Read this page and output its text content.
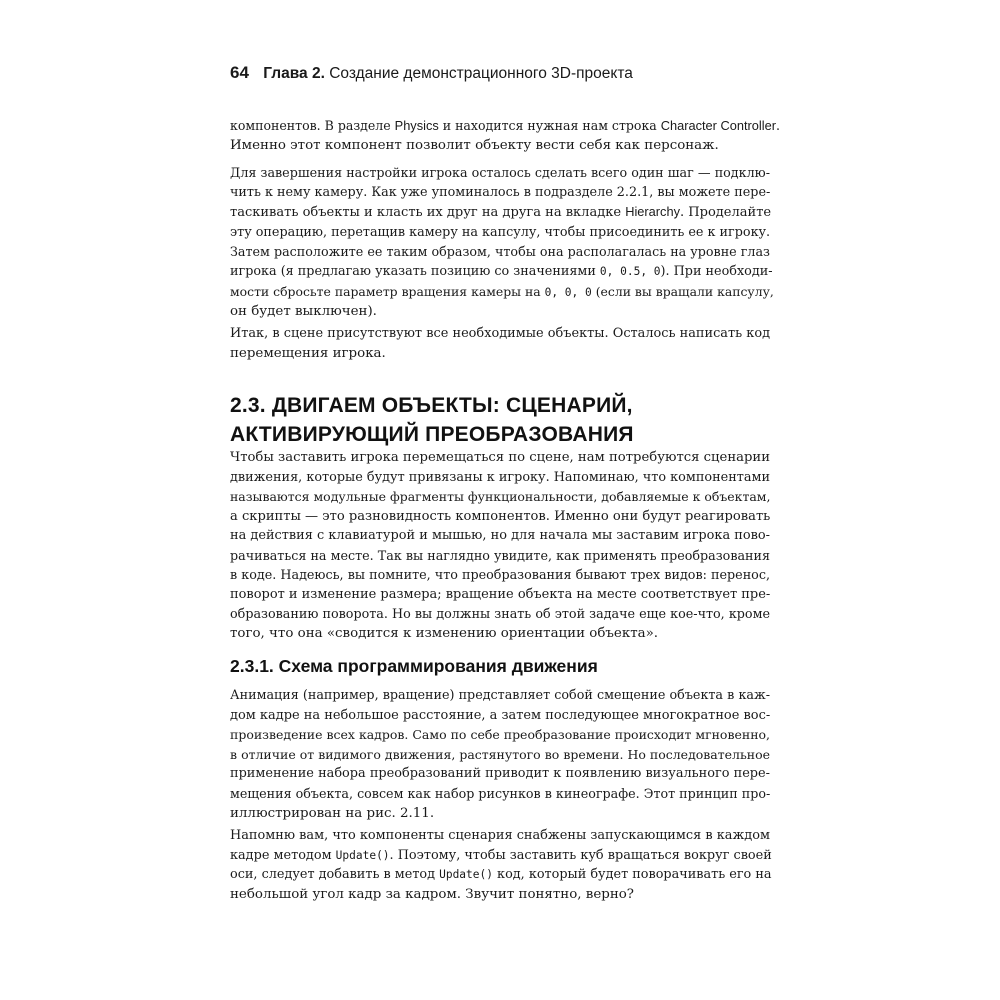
64 Глава 2. Создание демонстрационного 3D-проекта

компонентов. В разделе Physics и находится нужная нам строка Character Controller.
Именно этот компонент позволит объекту вести себя как персонаж.

Для завершения настройки игрока осталось сделать всего один шаг — подклю-
чить к нему камеру. Как уже упоминалось в подразделе 2.2.1, вы можете пере-
таскивать объекты и класть их друг на друга на вкладке Hierarchy. Проделайте
эту операцию, перетащив камеру на капсулу, чтобы присоединить ее к игроку.
Затем расположите ее таким образом, чтобы она располагалась на уровне глаз
игрока (я предлагаю указать позицию со значениями 0, 0.5, 0). При необходи-
мости сбросьте параметр вращения камеры на 0, 0, 0 (если вы вращали капсулу,
он будет выключен).

Итак, в сцене присутствуют все необходимые объекты. Осталось написать код
перемещения игрока.

2.3. ДВИГАЕМ ОБЪЕКТЫ: СЦЕНАРИЙ,
АКТИВИРУЮЩИЙ ПРЕОБРАЗОВАНИЯ

Чтобы заставить игрока перемещаться по сцене, нам потребуются сценарии
движения, которые будут привязаны к игроку. Напоминаю, что компонентами
называются модульные фрагменты функциональности, добавляемые к объектам,
а скрипты — это разновидность компонентов. Именно они будут реагировать
на действия с клавиатурой и мышью, но для начала мы заставим игрока пово-
рачиваться на месте. Так вы наглядно увидите, как применять преобразования
в коде. Надеюсь, вы помните, что преобразования бывают трех видов: перенос,
поворот и изменение размера; вращение объекта на месте соответствует пре-
образованию поворота. Но вы должны знать об этой задаче еще кое-что, кроме
того, что она «сводится к изменению ориентации объекта».

2.3.1. Схема программирования движения

Анимация (например, вращение) представляет собой смещение объекта в каж-
дом кадре на небольшое расстояние, а затем последующее многократное вос-
произведение всех кадров. Само по себе преобразование происходит мгновенно,
в отличие от видимого движения, растянутого во времени. Но последовательное
применение набора преобразований приводит к появлению визуального пере-
мещения объекта, совсем как набор рисунков в кинеографе. Этот принцип про-
иллюстрирован на рис. 2.11.

Напомню вам, что компоненты сценария снабжены запускающимся в каждом
кадре методом Update(). Поэтому, чтобы заставить куб вращаться вокруг своей
оси, следует добавить в метод Update() код, который будет поворачивать его на
небольшой угол кадр за кадром. Звучит понятно, верно?
